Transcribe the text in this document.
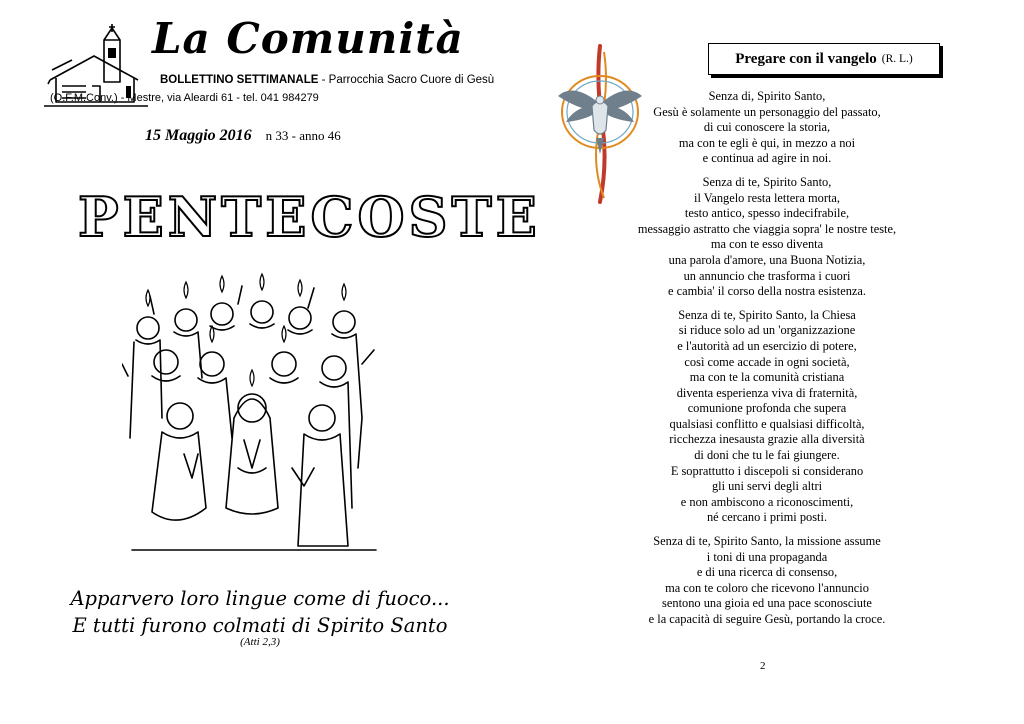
La Comunità
BOLLETTINO SETTIMANALE - Parrocchia Sacro Cuore di Gesù
(O.F.M.Conv.) - Mestre, via Aleardi 61 - tel. 041 984279
15 Maggio 2016 n 33 - anno 46
PENTECOSTE
Apparvero loro lingue come di fuoco...
E tutti furono colmati di Spirito Santo
(Atti 2,3)
Pregare con il vangelo (R. L.)
Senza di, Spirito Santo,
Gesù è solamente un personaggio del passato,
di cui conoscere la storia,
ma con te egli è qui, in mezzo a noi
e continua ad agire in noi.
Senza di te, Spirito Santo,
il Vangelo resta lettera morta,
testo antico, spesso indecifrabile,
messaggio astratto che viaggia sopra' le nostre teste,
ma con te esso diventa
una parola d'amore, una Buona Notizia,
un annuncio che trasforma i cuori
e cambia' il corso della nostra esistenza.
Senza di te, Spirito Santo, la Chiesa
si riduce solo ad un 'organizzazione
e l'autorità ad un esercizio di potere,
così come accade in ogni società,
ma con te la comunità cristiana
diventa esperienza viva di fraternità,
comunione profonda che supera
qualsiasi conflitto e qualsiasi difficoltà,
ricchezza inesausta grazie alla diversità
di doni che tu le fai giungere.
E soprattutto i discepoli si considerano
gli uni servi degli altri
e non ambiscono a riconoscimenti,
né cercano i primi posti.
Senza di te, Spirito Santo, la missione assume
i toni di una propaganda
e di una ricerca di consenso,
ma con te coloro che ricevono l'annuncio
sentono una gioia ed una pace sconosciute
e la capacità di seguire Gesù, portando la croce.
2
